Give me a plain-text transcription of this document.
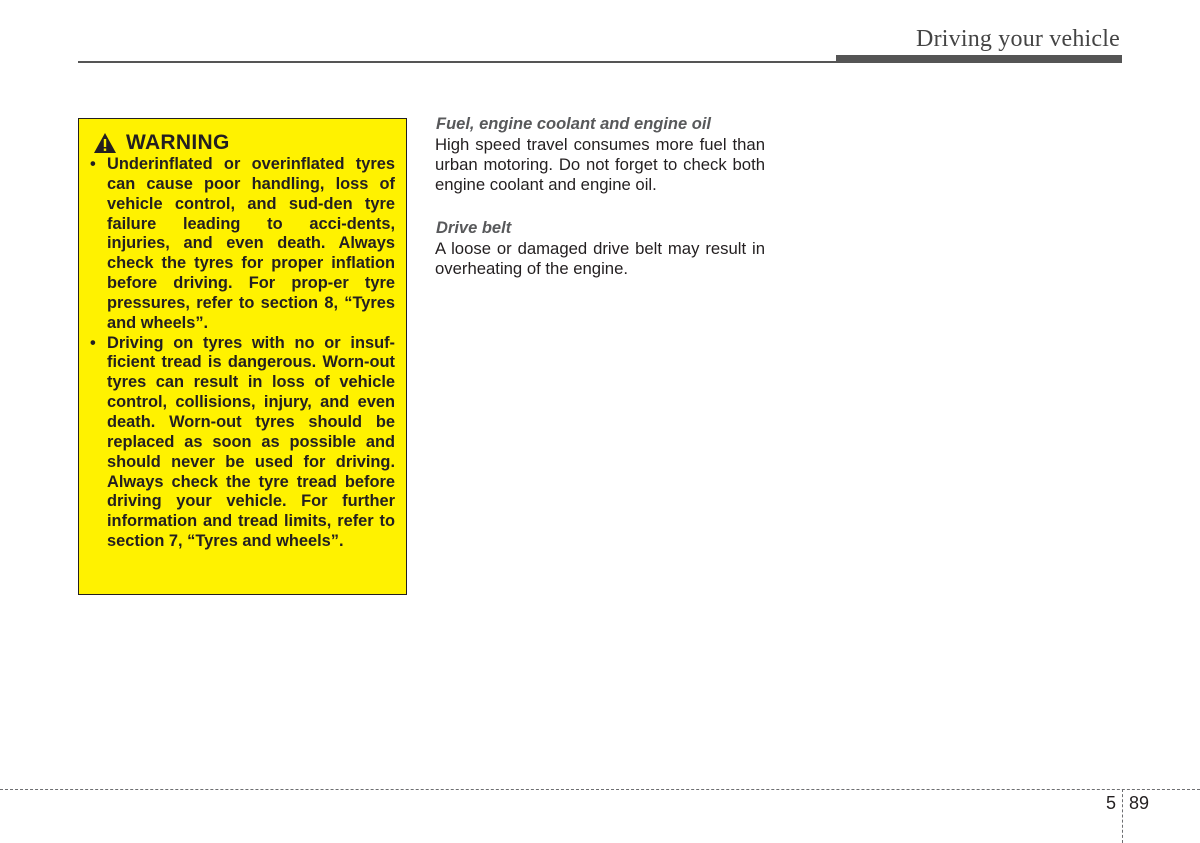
Driving your vehicle
WARNING
• Underinflated or overinflated tyres can cause poor handling, loss of vehicle control, and sud-den tyre failure leading to acci-dents, injuries, and even death. Always check the tyres for proper inflation before driving. For prop-er tyre pressures, refer to section 8, “Tyres and wheels”.
• Driving on tyres with no or insuf-ficient tread is dangerous. Worn-out tyres can result in loss of vehicle control, collisions, injury, and even death. Worn-out tyres should be replaced as soon as possible and should never be used for driving. Always check the tyre tread before driving your vehicle. For further information and tread limits, refer to section 7, “Tyres and wheels”.
Fuel, engine coolant and engine oil

High speed travel consumes more fuel than urban motoring. Do not forget to check both engine coolant and engine oil.

Drive belt

A loose or damaged drive belt may result in overheating of the engine.

5 89
